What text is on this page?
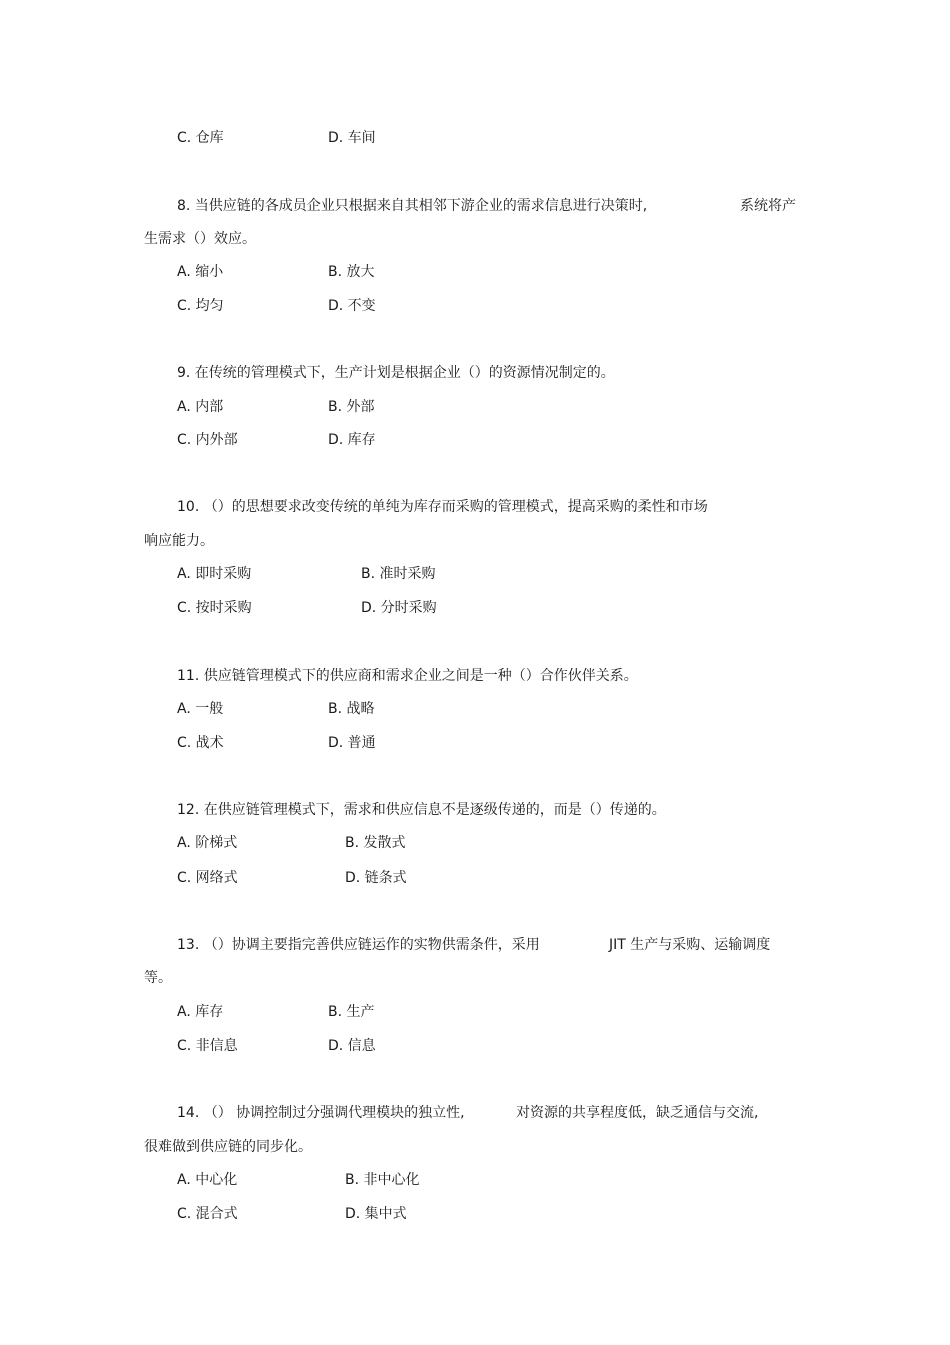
C. 仓库	D. 车间
8. 当供应链的各成员企业只根据来自其相邻下游企业的需求信息进行决策时,	系统将产
生需求（）效应。
A. 缩小	B. 放大
C. 均匀	D. 不变
9. 在传统的管理模式下，生产计划是根据企业（）的资源情况制定的。
A. 内部	B. 外部
C. 内外部	D. 库存
10. （）的思想要求改变传统的单纯为库存而采购的管理模式，提高采购的柔性和市场
响应能力。
A. 即时采购	B. 准时采购
C. 按时采购	D. 分时采购
11. 供应链管理模式下的供应商和需求企业之间是一种（）合作伙伴关系。
A. 一般	B. 战略
C. 战术	D. 普通
12. 在供应链管理模式下，需求和供应信息不是逐级传递的，而是（）传递的。
A. 阶梯式	B. 发散式
C. 网络式	D. 链条式
13. （）协调主要指完善供应链运作的实物供需条件，采用	JIT 生产与采购、运输调度
等。
A. 库存	B. 生产
C. 非信息	D. 信息
14. （） 协调控制过分强调代理模块的独立性,	对资源的共享程度低，缺乏通信与交流,
很难做到供应链的同步化。
A. 中心化	B. 非中心化
C. 混合式	D. 集中式
